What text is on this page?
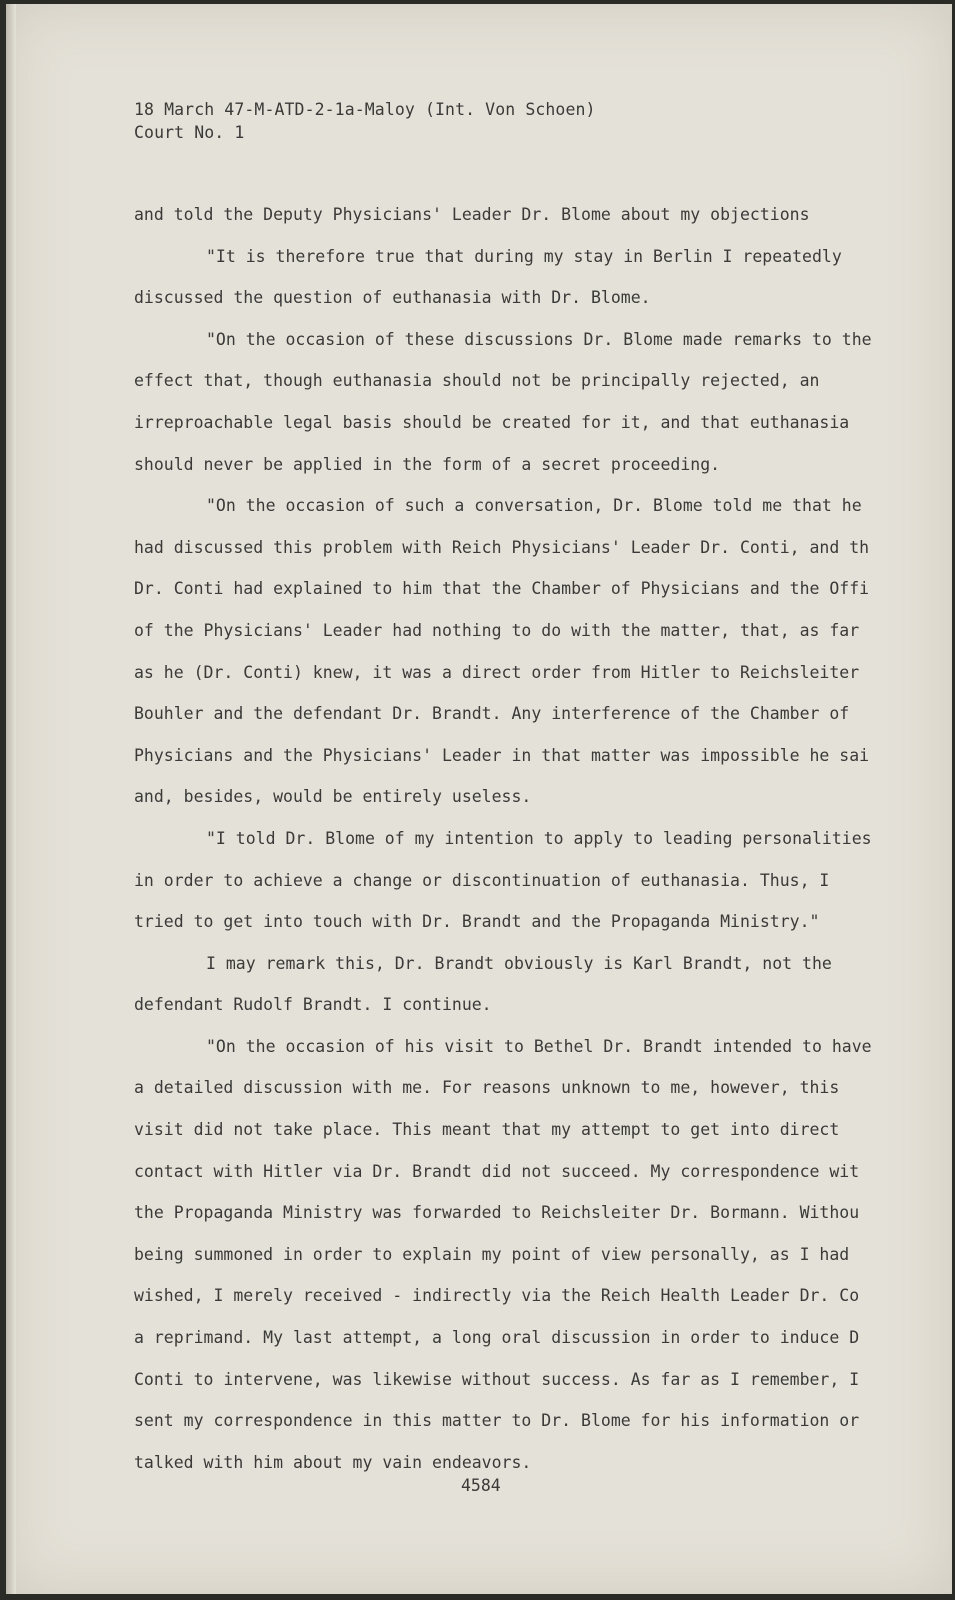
18 March 47-M-ATD-2-1a-Maloy (Int. Von Schoen)

Court No. 1

and told the Deputy Physicians' Leader Dr. Blome about my objections
"It is therefore true that during my stay in Berlin I repeatedly
discussed the question of euthanasia with Dr. Blome.
"On the occasion of these discussions Dr. Blome made remarks to the
effect that, though euthanasia should not be principally rejected, an
irreproachable legal basis should be created for it, and that euthanasia
should never be applied in the form of a secret proceeding.
"On the occasion of such a conversation, Dr. Blome told me that he
had discussed this problem with Reich Physicians' Leader Dr. Conti, and th
Dr. Conti had explained to him that the Chamber of Physicians and the Offi
of the Physicians' Leader had nothing to do with the matter, that, as far
as he (Dr. Conti) knew, it was a direct order from Hitler to Reichsleiter
Bouhler and the defendant Dr. Brandt. Any interference of the Chamber of
Physicians and the Physicians' Leader in that matter was impossible he sai
and, besides, would be entirely useless.
"I told Dr. Blome of my intention to apply to leading personalities
in order to achieve a change or discontinuation of euthanasia. Thus, I
tried to get into touch with Dr. Brandt and the Propaganda Ministry."
I may remark this, Dr. Brandt obviously is Karl Brandt, not the
defendant Rudolf Brandt. I continue.
"On the occasion of his visit to Bethel Dr. Brandt intended to have
a detailed discussion with me. For reasons unknown to me, however, this
visit did not take place. This meant that my attempt to get into direct
contact with Hitler via Dr. Brandt did not succeed. My correspondence wit
the Propaganda Ministry was forwarded to Reichsleiter Dr. Bormann. Withou
being summoned in order to explain my point of view personally, as I had
wished, I merely received - indirectly via the Reich Health Leader Dr. Co
a reprimand. My last attempt, a long oral discussion in order to induce D
Conti to intervene, was likewise without success. As far as I remember, I
sent my correspondence in this matter to Dr. Blome for his information or
talked with him about my vain endeavors.
4584
